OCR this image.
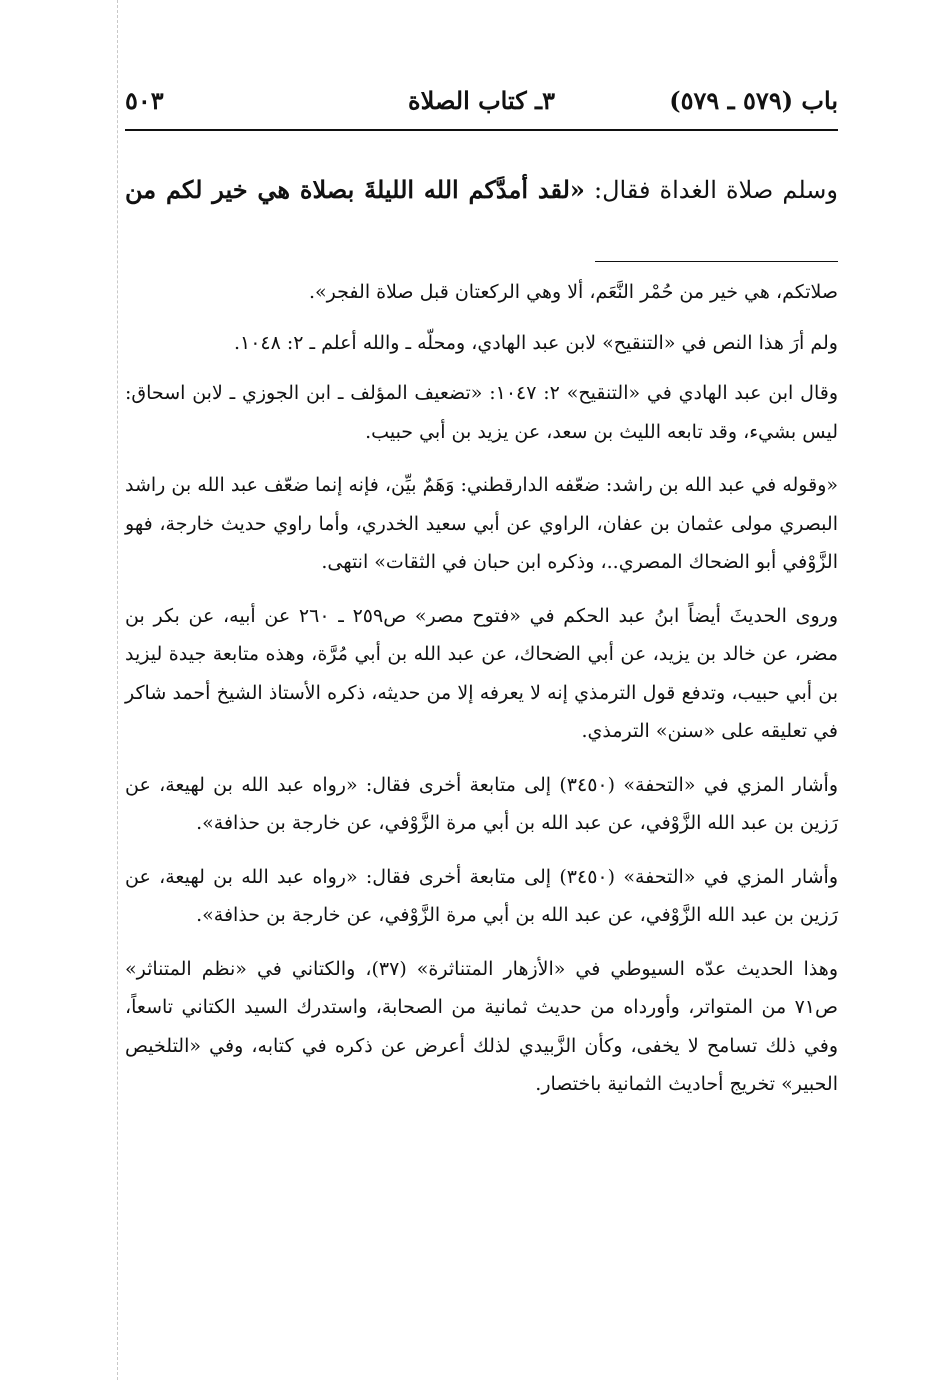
باب (٥٧٩ ـ ٥٧٩)
٣ـ كتاب الصلاة
٥٠٣
وسلم صلاة الغداة فقال: «لقد أمدَّكم الله الليلةَ بصلاة هي خير لكم من

صلاتكم، هي خير من حُمْر النَّعَم، ألا وهي الركعتان قبل صلاة الفجر».

ولم أرَ هذا النص في «التنقيح» لابن عبد الهادي، ومحلّه ـ والله أعلم ـ ٢: ١٠٤٨.

وقال ابن عبد الهادي في «التنقيح» ٢: ١٠٤٧: «تضعيف المؤلف ـ ابن الجوزي ـ لابن اسحاق: ليس بشيء، وقد تابعه الليث بن سعد، عن يزيد بن أبي حبيب.

«وقوله في عبد الله بن راشد: ضعّفه الدارقطني: وَهَمٌ بيِّن، فإنه إنما ضعّف عبد الله بن راشد البصري مولى عثمان بن عفان، الراوي عن أبي سعيد الخدري، وأما راوي حديث خارجة، فهو الزَّوْفي أبو الضحاك المصري..، وذكره ابن حبان في الثقات» انتهى.

وروى الحديثَ أيضاً ابنُ عبد الحكم في «فتوح مصر» ص٢٥٩ ـ ٢٦٠ عن أبيه، عن بكر بن مضر، عن خالد بن يزيد، عن أبي الضحاك، عن عبد الله بن أبي مُرَّة، وهذه متابعة جيدة ليزيد بن أبي حبيب، وتدفع قول الترمذي إنه لا يعرفه إلا من حديثه، ذكره الأستاذ الشيخ أحمد شاكر في تعليقه على «سنن» الترمذي.

وأشار المزي في «التحفة» (٣٤٥٠) إلى متابعة أخرى فقال: «رواه عبد الله بن لهيعة، عن رَزين بن عبد الله الزَّوْفي، عن عبد الله بن أبي مرة الزَّوْفي، عن خارجة بن حذافة».

وأشار المزي في «التحفة» (٣٤٥٠) إلى متابعة أخرى فقال: «رواه عبد الله بن لهيعة، عن رَزين بن عبد الله الزَّوْفي، عن عبد الله بن أبي مرة الزَّوْفي، عن خارجة بن حذافة».

وهذا الحديث عدّه السيوطي في «الأزهار المتناثرة» (٣٧)، والكتاني في «نظم المتناثر» ص٧١ من المتواتر، وأورداه من حديث ثمانية من الصحابة، واستدرك السيد الكتاني تاسعاً، وفي ذلك تسامح لا يخفى، وكأن الزَّبيدي لذلك أعرض عن ذكره في كتابه، وفي «التلخيص الحبير» تخريج أحاديث الثمانية باختصار.
